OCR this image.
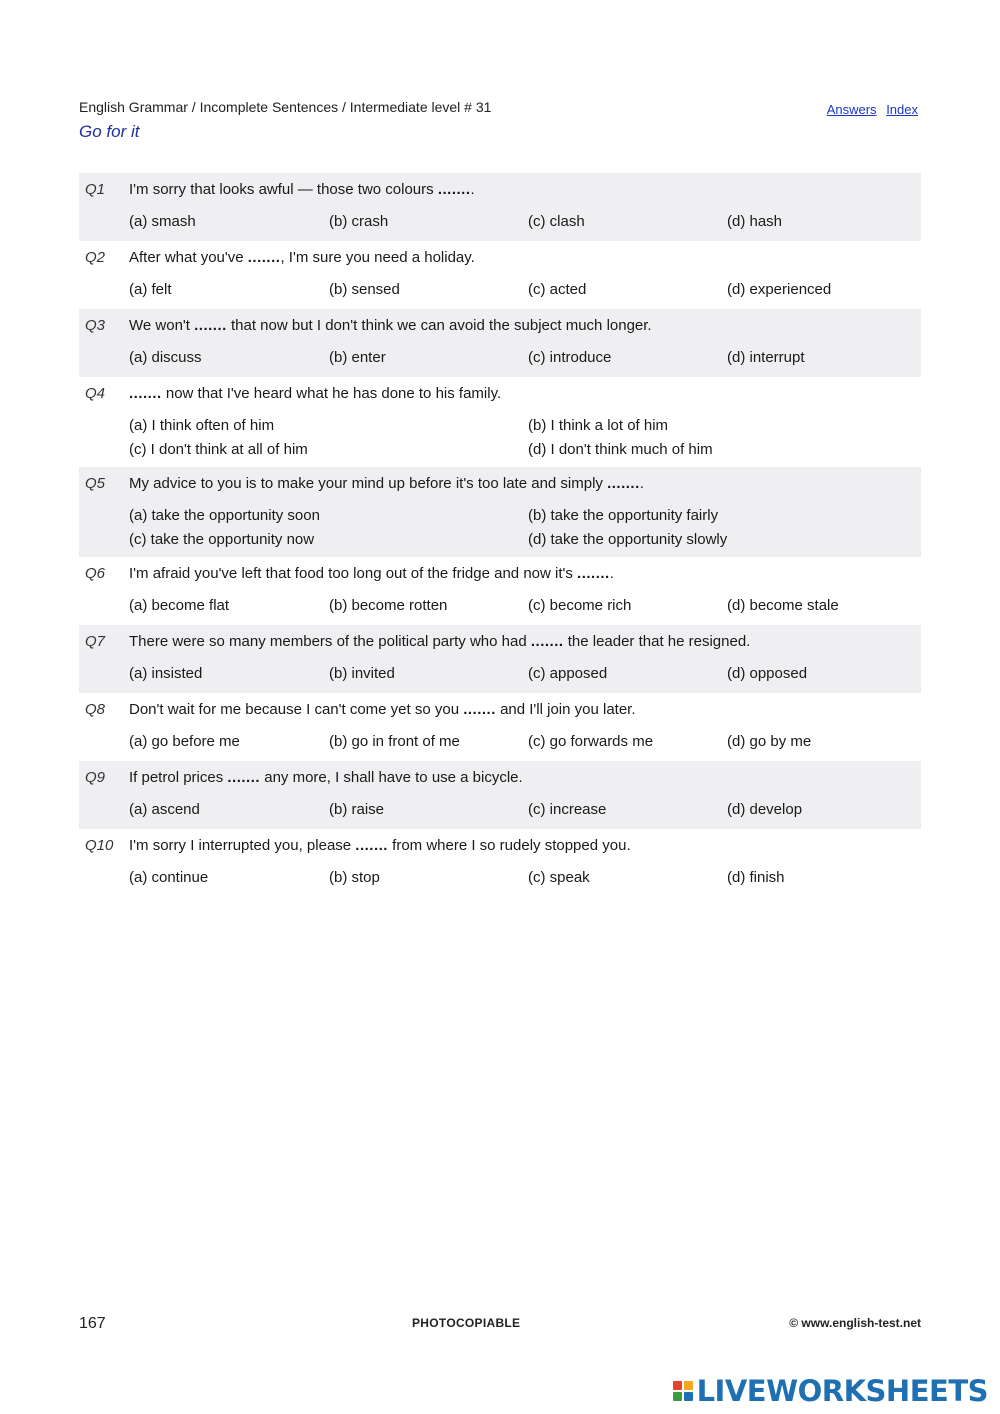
English Grammar / Incomplete Sentences / Intermediate level # 31
Go for it
Answers Index
Q1 I'm sorry that looks awful — those two colours ........
(a) smash	(b) crash	(c) clash	(d) hash
Q2 After what you've ......., I'm sure you need a holiday.
(a) felt	(b) sensed	(c) acted	(d) experienced
Q3 We won't ....... that now but I don't think we can avoid the subject much longer.
(a) discuss	(b) enter	(c) introduce	(d) interrupt
Q4 ....... now that I've heard what he has done to his family.
(a) I think often of him	(b) I think a lot of him
(c) I don't think at all of him	(d) I don't think much of him
Q5 My advice to you is to make your mind up before it's too late and simply ........
(a) take the opportunity soon	(b) take the opportunity fairly
(c) take the opportunity now	(d) take the opportunity slowly
Q6 I'm afraid you've left that food too long out of the fridge and now it's ........
(a) become flat	(b) become rotten	(c) become rich	(d) become stale
Q7 There were so many members of the political party who had ....... the leader that he resigned.
(a) insisted	(b) invited	(c) apposed	(d) opposed
Q8 Don't wait for me because I can't come yet so you ....... and I'll join you later.
(a) go before me	(b) go in front of me	(c) go forwards me	(d) go by me
Q9 If petrol prices ....... any more, I shall have to use a bicycle.
(a) ascend	(b) raise	(c) increase	(d) develop
Q10 I'm sorry I interrupted you, please ....... from where I so rudely stopped you.
(a) continue	(b) stop	(c) speak	(d) finish
167	PHOTOCOPIABLE	© www.english-test.net
LIVEWORKSHEETS
